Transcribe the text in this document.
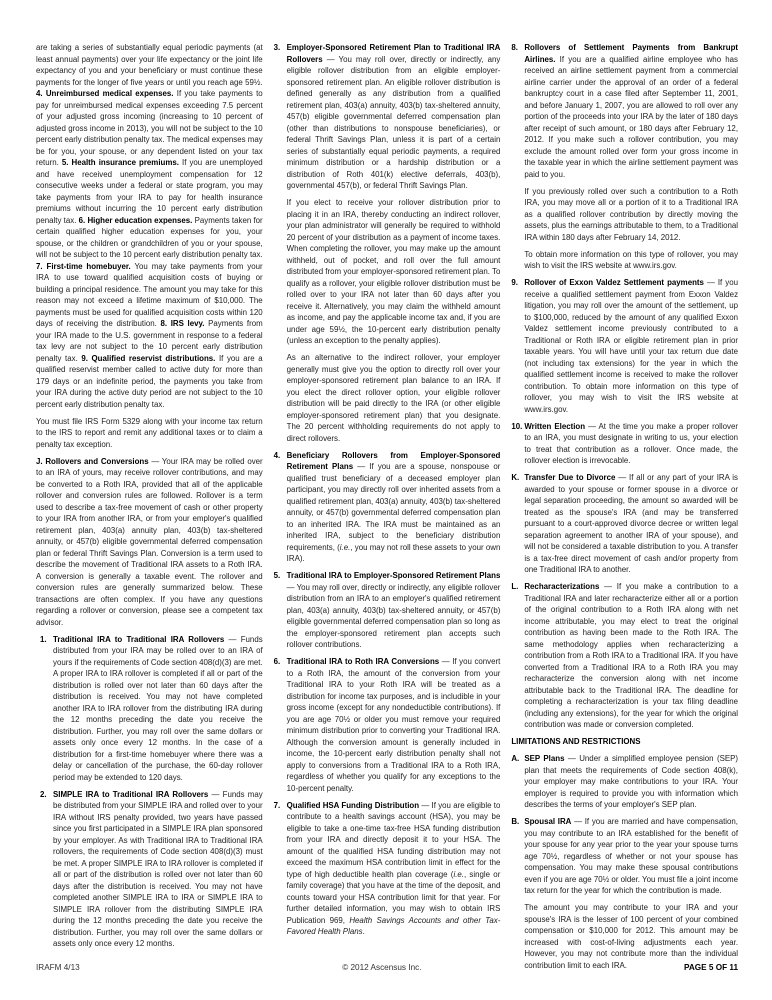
are taking a series of substantially equal periodic payments (at least annual payments) over your life expectancy or the joint life expectancy of you and your beneficiary or must continue these payments for the longer of five years or until you reach age 59½. 4. Unreimbursed medical expenses. If you take payments to pay for unreimbursed medical expenses exceeding 7.5 percent of your adjusted gross incoming (increasing to 10 percent of adjusted gross income in 2013), you will not be subject to the 10 percent early distribution penalty tax. The medical expenses may be for you, your spouse, or any dependent listed on your tax return. 5. Health insurance premiums. If you are unemployed and have received unemployment compensation for 12 consecutive weeks under a federal or state program, you may take payments from your IRA to pay for health insurance premiums without incurring the 10 percent early distribution penalty tax. 6. Higher education expenses. Payments taken for certain qualified higher education expenses for you, your spouse, or the children or grandchildren of you or your spouse, will not be subject to the 10 percent early distribution penalty tax. 7. First-time homebuyer. You may take payments from your IRA to use toward qualified acquisition costs of buying or building a principal residence. The amount you may take for this reason may not exceed a lifetime maximum of $10,000. The payments must be used for qualified acquisition costs within 120 days of receiving the distribution. 8. IRS levy. Payments from your IRA made to the U.S. government in response to a federal tax levy are not subject to the 10 percent early distribution penalty tax. 9. Qualified reservist distributions. If you are a qualified reservist member called to active duty for more than 179 days or an indefinite period, the payments you take from your IRA during the active duty period are not subject to the 10 percent early distribution penalty tax.
You must file IRS Form 5329 along with your income tax return to the IRS to report and remit any additional taxes or to claim a penalty tax exception.
J. Rollovers and Conversions — Your IRA may be rolled over to an IRA of yours, may receive rollover contributions, and may be converted to a Roth IRA, provided that all of the applicable rollover and conversion rules are followed. Rollover is a term used to describe a tax-free movement of cash or other property to your IRA from another IRA, or from your employer's qualified retirement plan, 403(a) annuity plan, 403(b) tax-sheltered annuity, or 457(b) eligible governmental deferred compensation plan or federal Thrift Savings Plan. Conversion is a term used to describe the movement of Traditional IRA assets to a Roth IRA. A conversion is generally a taxable event. The rollover and conversion rules are generally summarized below. These transactions are often complex. If you have any questions regarding a rollover or conversion, please see a competent tax advisor.
1. Traditional IRA to Traditional IRA Rollovers — Funds distributed from your IRA may be rolled over to an IRA of yours if the requirements of Code section 408(d)(3) are met. A proper IRA to IRA rollover is completed if all or part of the distribution is rolled over not later than 60 days after the distribution is received. You may not have completed another IRA to IRA rollover from the distributing IRA during the 12 months preceding the date you receive the distribution. Further, you may roll over the same dollars or assets only once every 12 months. In the case of a distribution for a first-time homebuyer where there was a delay or cancellation of the purchase, the 60-day rollover period may be extended to 120 days.
2. SIMPLE IRA to Traditional IRA Rollovers — Funds may be distributed from your SIMPLE IRA and rolled over to your IRA without IRS penalty provided, two years have passed since you first participated in a SIMPLE IRA plan sponsored by your employer. As with Traditional IRA to Traditional IRA rollovers, the requirements of Code section 408(d)(3) must be met. A proper SIMPLE IRA to IRA rollover is completed if all or part of the distribution is rolled over not later than 60 days after the distribution is received. You may not have completed another SIMPLE IRA to IRA or SIMPLE IRA to SIMPLE IRA rollover from the distributing SIMPLE IRA during the 12 months preceding the date you receive the distribution. Further, you may roll over the same dollars or assets only once every 12 months.
3. Employer-Sponsored Retirement Plan to Traditional IRA Rollovers — You may roll over, directly or indirectly, any eligible rollover distribution from an eligible employer-sponsored retirement plan. An eligible rollover distribution is defined generally as any distribution from a qualified retirement plan, 403(a) annuity, 403(b) tax-sheltered annuity, 457(b) eligible governmental deferred compensation plan (other than distributions to nonspouse beneficiaries), or federal Thrift Savings Plan, unless it is part of a certain series of substantially equal periodic payments, a required minimum distribution or a hardship distribution or a distribution of Roth 401(k) elective deferrals, 403(b), governmental 457(b), or federal Thrift Savings Plan.
If you elect to receive your rollover distribution prior to placing it in an IRA, thereby conducting an indirect rollover, your plan administrator will generally be required to withhold 20 percent of your distribution as a payment of income taxes. When completing the rollover, you may make up the amount withheld, out of pocket, and roll over the full amount distributed from your employer-sponsored retirement plan. To qualify as a rollover, your eligible rollover distribution must be rolled over to your IRA not later than 60 days after you receive it. Alternatively, you may claim the withheld amount as income, and pay the applicable income tax and, if you are under age 59½, the 10-percent early distribution penalty (unless an exception to the penalty applies).
As an alternative to the indirect rollover, your employer generally must give you the option to directly roll over your employer-sponsored retirement plan balance to an IRA. If you elect the direct rollover option, your eligible rollover distribution will be paid directly to the IRA (or other eligible employer-sponsored retirement plan) that you designate. The 20 percent withholding requirements do not apply to direct rollovers.
4. Beneficiary Rollovers from Employer-Sponsored Retirement Plans — If you are a spouse, nonspouse or qualified trust beneficiary of a deceased employer plan participant, you may directly roll over inherited assets from a qualified retirement plan, 403(a) annuity, 403(b) tax-sheltered annuity, or 457(b) governmental deferred compensation plan to an inherited IRA. The IRA must be maintained as an inherited IRA, subject to the beneficiary distribution requirements, (i.e., you may not roll these assets to your own IRA).
5. Traditional IRA to Employer-Sponsored Retirement Plans — You may roll over, directly or indirectly, any eligible rollover distribution from an IRA to an employer's qualified retirement plan, 403(a) annuity, 403(b) tax-sheltered annuity, or 457(b) eligible governmental deferred compensation plan so long as the employer-sponsored retirement plan accepts such rollover contributions.
6. Traditional IRA to Roth IRA Conversions — If you convert to a Roth IRA, the amount of the conversion from your Traditional IRA to your Roth IRA will be treated as a distribution for income tax purposes, and is includible in your gross income (except for any nondeductible contributions). If you are age 70½ or older you must remove your required minimum distribution prior to converting your Traditional IRA. Although the conversion amount is generally included in income, the 10-percent early distribution penalty shall not apply to conversions from a Traditional IRA to a Roth IRA, regardless of whether you qualify for any exceptions to the 10-percent penalty.
7. Qualified HSA Funding Distribution — If you are eligible to contribute to a health savings account (HSA), you may be eligible to take a one-time tax-free HSA funding distribution from your IRA and directly deposit it to your HSA. The amount of the qualified HSA funding distribution may not exceed the maximum HSA contribution limit in effect for the type of high deductible health plan coverage (i.e., single or family coverage) that you have at the time of the deposit, and counts toward your HSA contribution limit for that year. For further detailed information, you may wish to obtain IRS Publication 969, Health Savings Accounts and other Tax-Favored Health Plans.
8. Rollovers of Settlement Payments from Bankrupt Airlines. If you are a qualified airline employee who has received an airline settlement payment from a commercial airline carrier under the approval of an order of a federal bankruptcy court in a case filed after September 11, 2001, and before January 1, 2007, you are allowed to roll over any portion of the proceeds into your IRA by the later of 180 days after receipt of such amount, or 180 days after February 12, 2012. If you make such a rollover contribution, you may exclude the amount rolled over form your gross income in the taxable year in which the airline settlement payment was paid to you.
If you previously rolled over such a contribution to a Roth IRA, you may move all or a portion of it to a Traditional IRA as a qualified rollover contribution by directly moving the assets, plus the earnings attributable to them, to a Traditional IRA within 180 days after February 14, 2012.
To obtain more information on this type of rollover, you may wish to visit the IRS website at www.irs.gov.
9. Rollover of Exxon Valdez Settlement payments — If you receive a qualified settlement payment from Exxon Valdez litigation, you may roll over the amount of the settlement, up to $100,000, reduced by the amount of any qualified Exxon Valdez settlement income previously contributed to a Traditional or Roth IRA or eligible retirement plan in prior taxable years. You will have until your tax return due date (not including tax extensions) for the year in which the qualified settlement income is received to make the rollover contribution. To obtain more information on this type of rollover, you may wish to visit the IRS website at www.irs.gov.
10. Written Election — At the time you make a proper rollover to an IRA, you must designate in writing to us, your election to treat that contribution as a rollover. Once made, the rollover election is irrevocable.
K. Transfer Due to Divorce — If all or any part of your IRA is awarded to your spouse or former spouse in a divorce or legal separation proceeding, the amount so awarded will be treated as the spouse's IRA (and may be transferred pursuant to a court-approved divorce decree or written legal separation agreement to another IRA of your spouse), and will not be considered a taxable distribution to you. A transfer is a tax-free direct movement of cash and/or property from one Traditional IRA to another.
L. Recharacterizations — If you make a contribution to a Traditional IRA and later recharacterize either all or a portion of the original contribution to a Roth IRA along with net income attributable, you may elect to treat the original contribution as having been made to the Roth IRA. The same methodology applies when recharacterizing a contribution from a Roth IRA to a Traditional IRA. If you have converted from a Traditional IRA to a Roth IRA you may recharacterize the conversion along with net income attributable back to the Traditional IRA. The deadline for completing a recharacterization is your tax filing deadline (including any extensions), for the year for which the original contribution was made or conversion completed.
LIMITATIONS AND RESTRICTIONS
A. SEP Plans — Under a simplified employee pension (SEP) plan that meets the requirements of Code section 408(k), your employer may make contributions to your IRA. Your employer is required to provide you with information which describes the terms of your employer's SEP plan.
B. Spousal IRA — If you are married and have compensation, you may contribute to an IRA established for the benefit of your spouse for any year prior to the year your spouse turns age 70½, regardless of whether or not your spouse has compensation. You may make these spousal contributions even if you are age 70½ or older. You must file a joint income tax return for the year for which the contribution is made.
The amount you may contribute to your IRA and your spouse's IRA is the lesser of 100 percent of your combined compensation or $10,000 for 2012. This amount may be increased with cost-of-living adjustments each year. However, you may not contribute more than the individual contribution limit to each IRA.
IRAFM 4/13	© 2012 Ascensus Inc.	PAGE 5 OF 11
